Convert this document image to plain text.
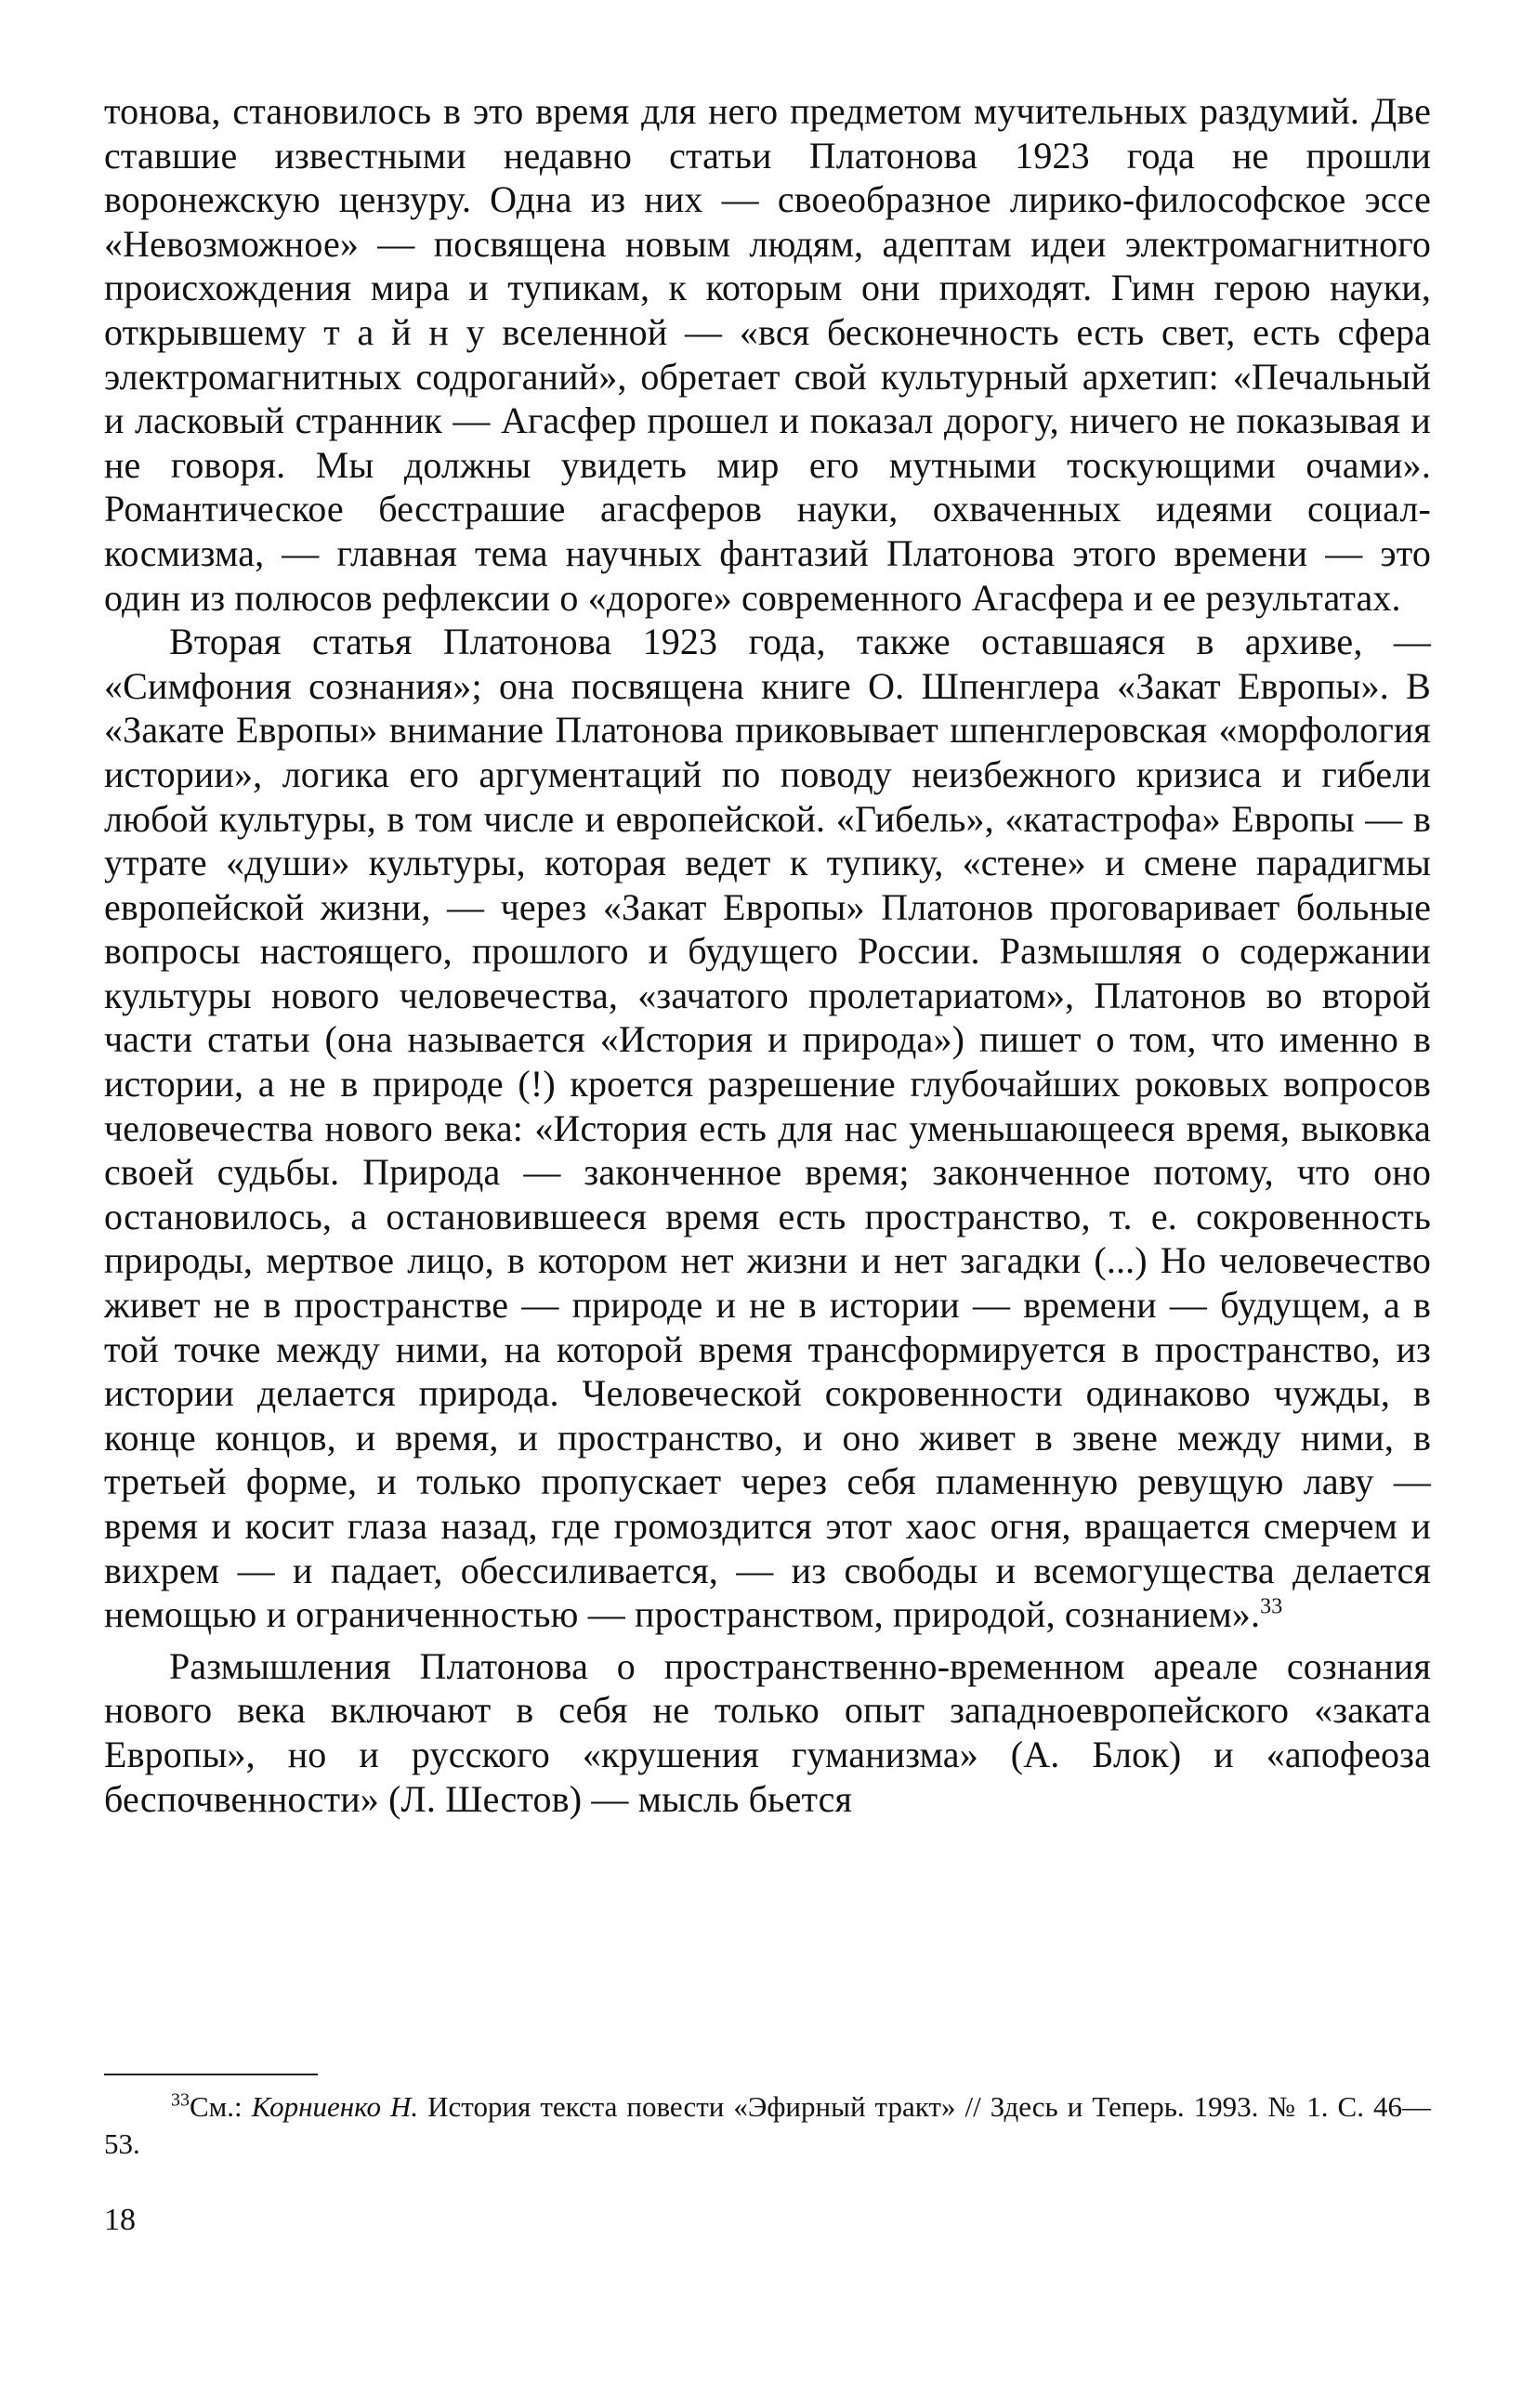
тонова, становилось в это время для него предметом мучительных раздумий. Две ставшие известными недавно статьи Платонова 1923 года не прошли воронежскую цензуру. Одна из них — своеобразное лирико-философское эссе «Невозможное» — посвящена новым людям, адептам идеи электромагнитного происхождения мира и тупикам, к которым они приходят. Гимн герою науки, открывшему т а й н у вселенной — «вся бесконечность есть свет, есть сфера электромагнитных содроганий», обретает свой культурный архетип: «Печальный и ласковый странник — Агасфер прошел и показал дорогу, ничего не показывая и не говоря. Мы должны увидеть мир его мутными тоскующими очами». Романтическое бесстрашие агасферов науки, охваченных идеями социал-космизма, — главная тема научных фантазий Платонова этого времени — это один из полюсов рефлексии о «дороге» современного Агасфера и ее результатах.

Вторая статья Платонова 1923 года, также оставшаяся в архиве, — «Симфония сознания»; она посвящена книге О. Шпенглера «Закат Европы». В «Закате Европы» внимание Платонова приковывает шпенглеровская «морфология истории», логика его аргументаций по поводу неизбежного кризиса и гибели любой культуры, в том числе и европейской. «Гибель», «катастрофа» Европы — в утрате «души» культуры, которая ведет к тупику, «стене» и смене парадигмы европейской жизни, — через «Закат Европы» Платонов проговаривает больные вопросы настоящего, прошлого и будущего России. Размышляя о содержании культуры нового человечества, «зачатого пролетариатом», Платонов во второй части статьи (она называется «История и природа») пишет о том, что именно в истории, а не в природе (!) кроется разрешение глубочайших роковых вопросов человечества нового века: «История есть для нас уменьшающееся время, выковка своей судьбы. Природа — законченное время; законченное потому, что оно остановилось, а остановившееся время есть пространство, т. е. сокровенность природы, мертвое лицо, в котором нет жизни и нет загадки (...) Но человечество живет не в пространстве — природе и не в истории — времени — будущем, а в той точке между ними, на которой время трансформируется в пространство, из истории делается природа. Человеческой сокровенности одинаково чужды, в конце концов, и время, и пространство, и оно живет в звене между ними, в третьей форме, и только пропускает через себя пламенную ревущую лаву — время и косит глаза назад, где громоздится этот хаос огня, вращается смерчем и вихрем — и падает, обессиливается, — из свободы и всемогущества делается немощью и ограниченностью — пространством, природой, сознанием».$^{33}$

Размышления Платонова о пространственно-временном ареале сознания нового века включают в себя не только опыт западноевропейского «заката Европы», но и русского «крушения гуманизма» (А. Блок) и «апофеоза беспочвенности» (Л. Шестов) — мысль бьется

$^{33}$См.: Корниенко Н. История текста повести «Эфирный тракт» // Здесь и Теперь. 1993. № 1. С. 46—53.

18
